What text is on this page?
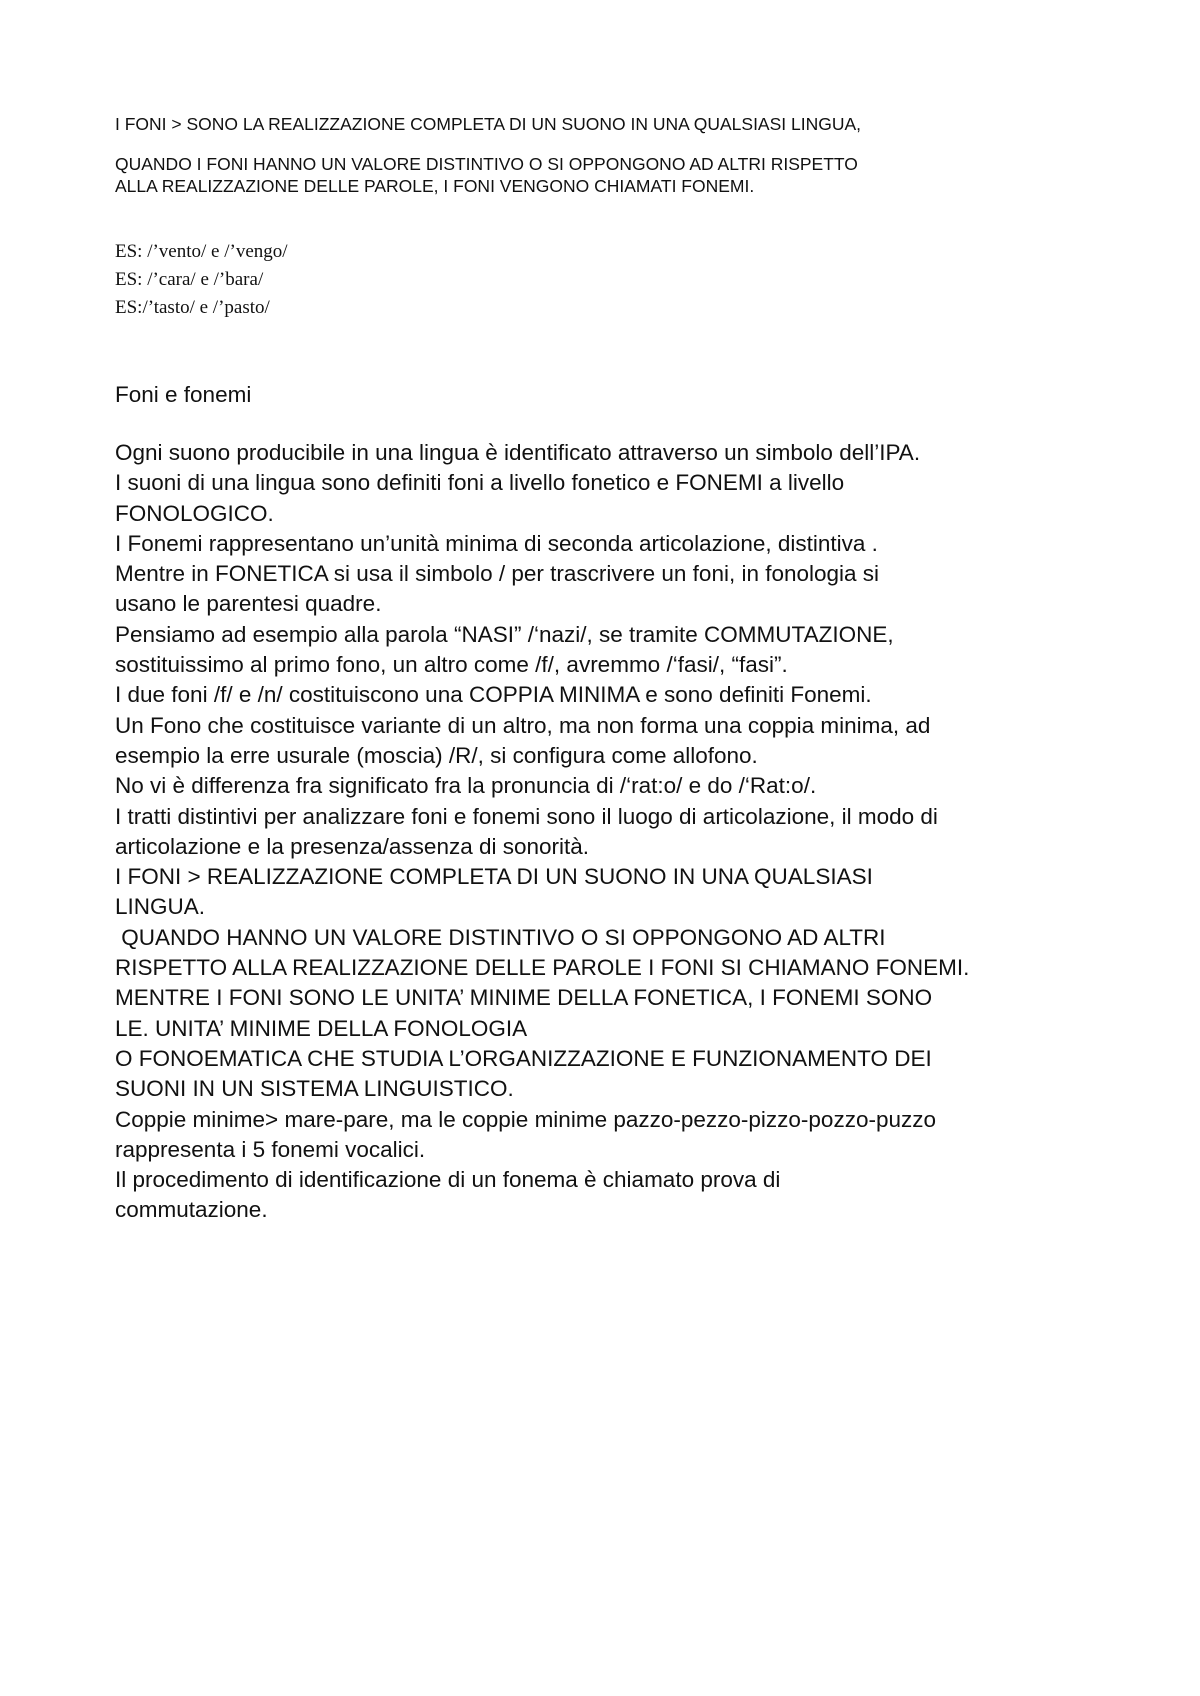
I FONI > SONO LA REALIZZAZIONE COMPLETA DI UN SUONO IN UNA QUALSIASI LINGUA,

QUANDO I FONI HANNO UN VALORE DISTINTIVO O SI OPPONGONO AD ALTRI RISPETTO

ALLA REALIZZAZIONE DELLE PAROLE, I FONI VENGONO CHIAMATI FONEMI.

ES: /’vento/ e /’vengo/
ES: /’cara/ e /’bara/
ES:/’tasto/ e /’pasto/
Foni e fonemi
Ogni suono producibile in una lingua è identificato attraverso un simbolo dell’IPA.
I suoni di una lingua sono definiti foni a livello fonetico e FONEMI a livello
FONOLOGICO.
I Fonemi rappresentano un’unità minima di seconda articolazione, distintiva .
Mentre in FONETICA si usa il simbolo / per trascrivere un foni, in fonologia si
usano le parentesi quadre.
Pensiamo ad esempio alla parola “NASI” /‘nazi/, se tramite COMMUTAZIONE,
sostituissimo al primo fono, un altro come /f/, avremmo /‘fasi/, “fasi”.
I due foni /f/ e /n/ costituiscono una COPPIA MINIMA e sono definiti Fonemi.
Un Fono che costituisce variante di un altro, ma non forma una coppia minima, ad
esempio la erre usurale (moscia) /R/, si configura come allofono.
No vi è differenza fra significato fra la pronuncia di /‘rat:o/ e do /‘Rat:o/.
I tratti distintivi per analizzare foni e fonemi sono il luogo di articolazione, il modo di
articolazione e la presenza/assenza di sonorità.
I FONI > REALIZZAZIONE COMPLETA DI UN SUONO IN UNA QUALSIASI
LINGUA.
QUANDO HANNO UN VALORE DISTINTIVO O SI OPPONGONO AD ALTRI
RISPETTO ALLA REALIZZAZIONE DELLE PAROLE I FONI SI CHIAMANO FONEMI.
MENTRE I FONI SONO LE UNITA’ MINIME DELLA FONETICA, I FONEMI SONO
LE. UNITA’ MINIME DELLA FONOLOGIA
O FONOEMATICA CHE STUDIA L’ORGANIZZAZIONE E FUNZIONAMENTO DEI
SUONI IN UN SISTEMA LINGUISTICO.
Coppie minime> mare-pare, ma le coppie minime pazzo-pezzo-pizzo-pozzo-puzzo
rappresenta i 5 fonemi vocalici.
Il procedimento di identificazione di un fonema è chiamato prova di
commutazione.
